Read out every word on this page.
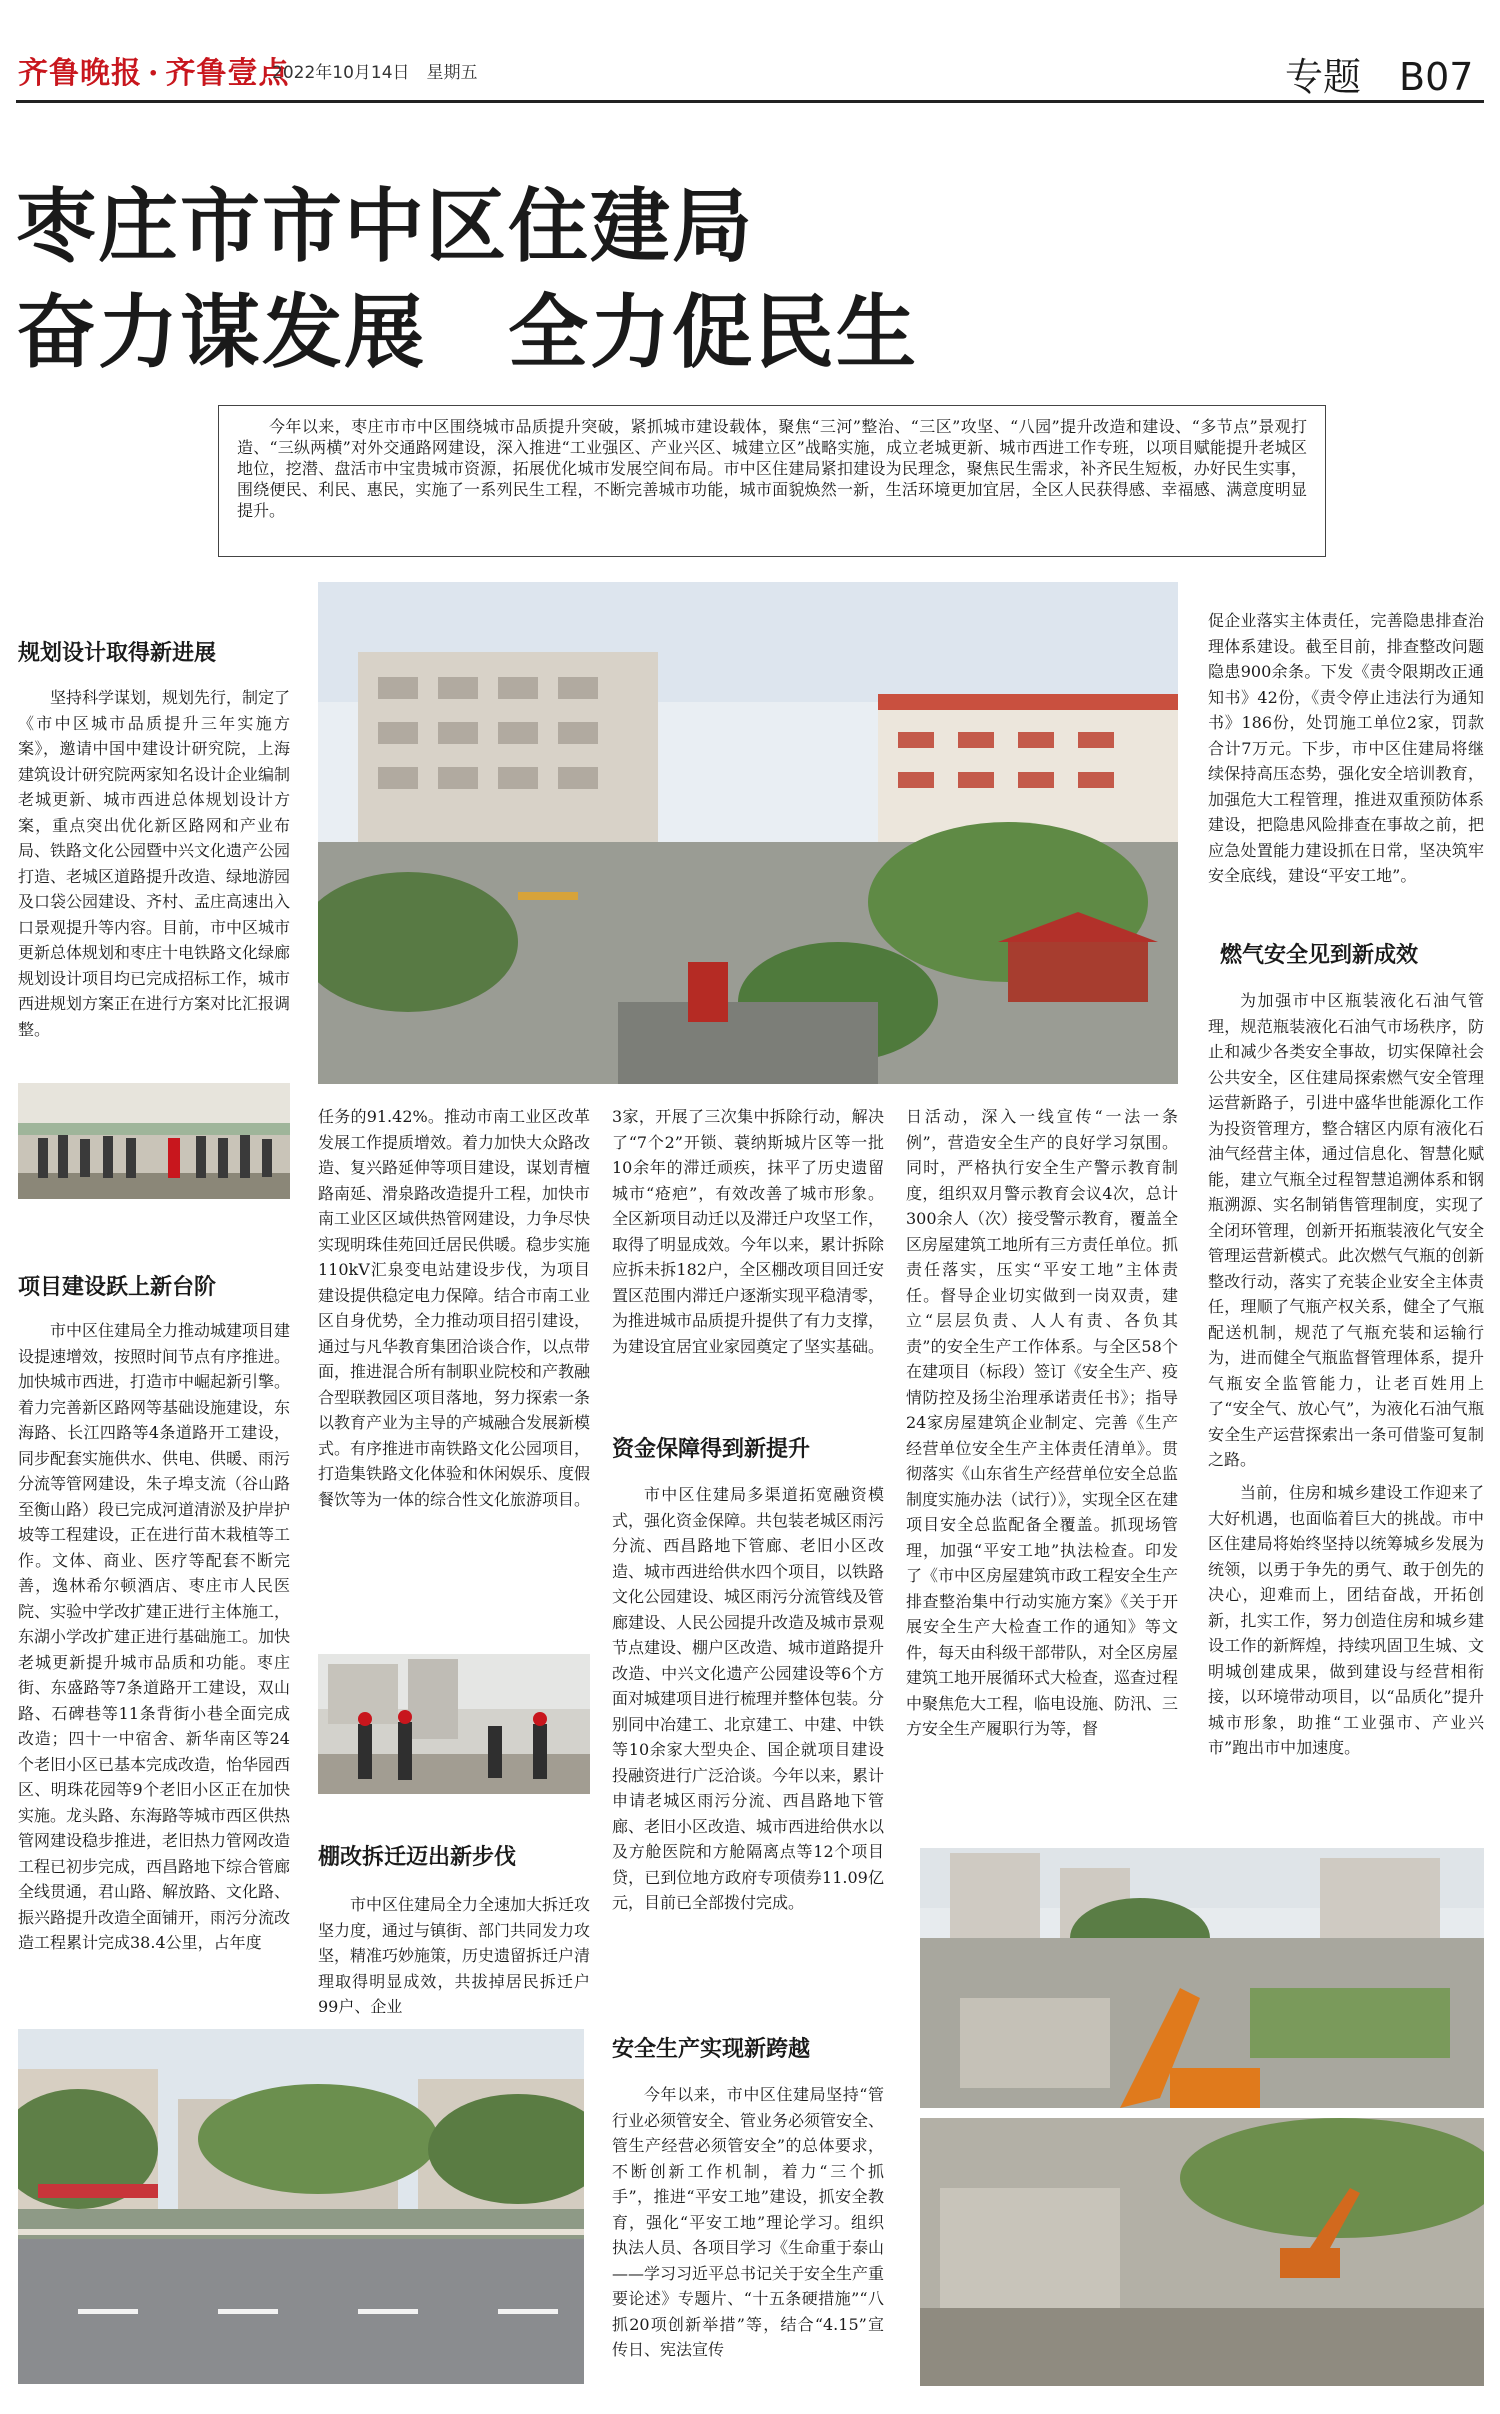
齐鲁晚报 · 齐鲁壹点
2022年10月14日　星期五	专题　B07
枣庄市市中区住建局
奋力谋发展　全力促民生

今年以来，枣庄市市中区围绕城市品质提升突破，紧抓城市建设载体，聚焦“三河”整治、“三区”攻坚、“八园”提升改造和建设、“多节点”景观打造、“三纵两横”对外交通路网建设，深入推进“工业强区、产业兴区、城建立区”战略实施，成立老城更新、城市西进工作专班，以项目赋能提升老城区地位，挖潜、盘活市中宝贵城市资源，拓展优化城市发展空间布局。市中区住建局紧扣建设为民理念，聚焦民生需求，补齐民生短板，办好民生实事，围绕便民、利民、惠民，实施了一系列民生工程，不断完善城市功能，城市面貌焕然一新，生活环境更加宜居，全区人民获得感、幸福感、满意度明显提升。

规划设计取得新进展

坚持科学谋划，规划先行，制定了《市中区城市品质提升三年实施方案》，邀请中国中建设计研究院，上海建筑设计研究院两家知名设计企业编制老城更新、城市西进总体规划设计方案，重点突出优化新区路网和产业布局、铁路文化公园暨中兴文化遗产公园打造、老城区道路提升改造、绿地游园及口袋公园建设、齐村、孟庄高速出入口景观提升等内容。目前，市中区城市更新总体规划和枣庄十电铁路文化绿廊规划设计项目均已完成招标工作，城市西进规划方案正在进行方案对比汇报调整。

项目建设跃上新台阶

市中区住建局全力推动城建项目建设提速增效，按照时间节点有序推进。加快城市西进，打造市中崛起新引擎。着力完善新区路网等基础设施建设，东海路、长江四路等4条道路开工建设，同步配套实施供水、供电、供暖、雨污分流等管网建设，朱子埠支流（谷山路至衡山路）段已完成河道清淤及护岸护坡等工程建设，正在进行苗木栽植等工作。文体、商业、医疗等配套不断完善，逸林希尔顿酒店、枣庄市人民医院、实验中学改扩建正进行主体施工，东湖小学改扩建正进行基础施工。加快老城更新提升城市品质和功能。枣庄街、东盛路等7条道路开工建设，双山路、石碑巷等11条背街小巷全面完成改造；四十一中宿舍、新华南区等24个老旧小区已基本完成改造，怡华园西区、明珠花园等9个老旧小区正在加快实施。龙头路、东海路等城市西区供热管网建设稳步推进，老旧热力管网改造工程已初步完成，西昌路地下综合管廊全线贯通，君山路、解放路、文化路、振兴路提升改造全面铺开，雨污分流改造工程累计完成38.4公里，占年度

任务的91.42%。推动市南工业区改革发展工作提质增效。着力加快大众路改造、复兴路延伸等项目建设，谋划青檀路南延、滑泉路改造提升工程，加快市南工业区区域供热管网建设，力争尽快实现明珠佳苑回迁居民供暖。稳步实施110kV汇泉变电站建设步伐，为项目建设提供稳定电力保障。结合市南工业区自身优势，全力推动项目招引建设，通过与凡华教育集团洽谈合作，以点带面，推进混合所有制职业院校和产教融合型联教园区项目落地，努力探索一条以教育产业为主导的产城融合发展新模式。有序推进市南铁路文化公园项目，打造集铁路文化体验和休闲娱乐、度假餐饮等为一体的综合性文化旅游项目。

棚改拆迁迈出新步伐

市中区住建局全力全速加大拆迁攻坚力度，通过与镇街、部门共同发力攻坚，精准巧妙施策，历史遗留拆迁户清理取得明显成效，共拔掉居民拆迁户99户、企业

3家，开展了三次集中拆除行动，解决了“7个2”开锁、蓑纳斯城片区等一批10余年的滞迁顽疾，抹平了历史遗留城市“疮疤”，有效改善了城市形象。全区新项目动迁以及滞迁户攻坚工作，取得了明显成效。今年以来，累计拆除应拆未拆182户，全区棚改项目回迁安置区范围内滞迁户逐渐实现平稳清零，为推进城市品质提升提供了有力支撑，为建设宜居宜业家园奠定了坚实基础。

资金保障得到新提升

市中区住建局多渠道拓宽融资模式，强化资金保障。共包装老城区雨污分流、西昌路地下管廊、老旧小区改造、城市西进给供水四个项目，以铁路文化公园建设、城区雨污分流管线及管廊建设、人民公园提升改造及城市景观节点建设、棚户区改造、城市道路提升改造、中兴文化遗产公园建设等6个方面对城建项目进行梳理并整体包装。分别同中冶建工、北京建工、中建、中铁等10余家大型央企、国企就项目建设投融资进行广泛洽谈。今年以来，累计申请老城区雨污分流、西昌路地下管廊、老旧小区改造、城市西进给供水以及方舱医院和方舱隔离点等12个项目贷，已到位地方政府专项债券11.09亿元，目前已全部拨付完成。

安全生产实现新跨越

今年以来，市中区住建局坚持“管行业必须管安全、管业务必须管安全、管生产经营必须管安全”的总体要求，不断创新工作机制，着力“三个抓手”，推进“平安工地”建设，抓安全教育，强化“平安工地”理论学习。组织执法人员、各项目学习《生命重于泰山——学习习近平总书记关于安全生产重要论述》专题片、“十五条硬措施”“八抓20项创新举措”等，结合“4.15”宣传日、宪法宣传

日活动，深入一线宣传“一法一条例”，营造安全生产的良好学习氛围。同时，严格执行安全生产警示教育制度，组织双月警示教育会议4次，总计300余人（次）接受警示教育，覆盖全区房屋建筑工地所有三方责任单位。抓责任落实，压实“平安工地”主体责任。督导企业切实做到一岗双责，建立“层层负责、人人有责、各负其责”的安全生产工作体系。与全区58个在建项目（标段）签订《安全生产、疫情防控及扬尘治理承诺责任书》；指导24家房屋建筑企业制定、完善《生产经营单位安全生产主体责任清单》。贯彻落实《山东省生产经营单位安全总监制度实施办法（试行）》，实现全区在建项目安全总监配备全覆盖。抓现场管理，加强“平安工地”执法检查。印发了《市中区房屋建筑市政工程安全生产排查整治集中行动实施方案》《关于开展安全生产大检查工作的通知》等文件，每天由科级干部带队，对全区房屋建筑工地开展循环式大检查，巡查过程中聚焦危大工程，临电设施、防汛、三方安全生产履职行为等，督

促企业落实主体责任，完善隐患排查治理体系建设。截至目前，排查整改问题隐患900余条。下发《责令限期改正通知书》42份，《责令停止违法行为通知书》186份，处罚施工单位2家，罚款合计7万元。下步，市中区住建局将继续保持高压态势，强化安全培训教育，加强危大工程管理，推进双重预防体系建设，把隐患风险排查在事故之前，把应急处置能力建设抓在日常，坚决筑牢安全底线，建设“平安工地”。

燃气安全见到新成效

为加强市中区瓶装液化石油气管理，规范瓶装液化石油气市场秩序，防止和减少各类安全事故，切实保障社会公共安全，区住建局探索燃气安全管理运营新路子，引进中盛华世能源化工作为投资管理方，整合辖区内原有液化石油气经营主体，通过信息化、智慧化赋能，建立气瓶全过程智慧追溯体系和钢瓶溯源、实名制销售管理制度，实现了全闭环管理，创新开拓瓶装液化气安全管理运营新模式。此次燃气气瓶的创新整改行动，落实了充装企业安全主体责任，理顺了气瓶产权关系，健全了气瓶配送机制，规范了气瓶充装和运输行为，进而健全气瓶监督管理体系，提升气瓶安全监管能力，让老百姓用上了“安全气、放心气”，为液化石油气瓶安全生产运营探索出一条可借鉴可复制之路。

当前，住房和城乡建设工作迎来了大好机遇，也面临着巨大的挑战。市中区住建局将始终坚持以统筹城乡发展为统领，以勇于争先的勇气、敢于创先的决心，迎难而上，团结奋战，开拓创新，扎实工作，努力创造住房和城乡建设工作的新辉煌，持续巩固卫生城、文明城创建成果，做到建设与经营相衔接，以环境带动项目，以“品质化”提升城市形象，助推“工业强市、产业兴市”跑出市中加速度。
